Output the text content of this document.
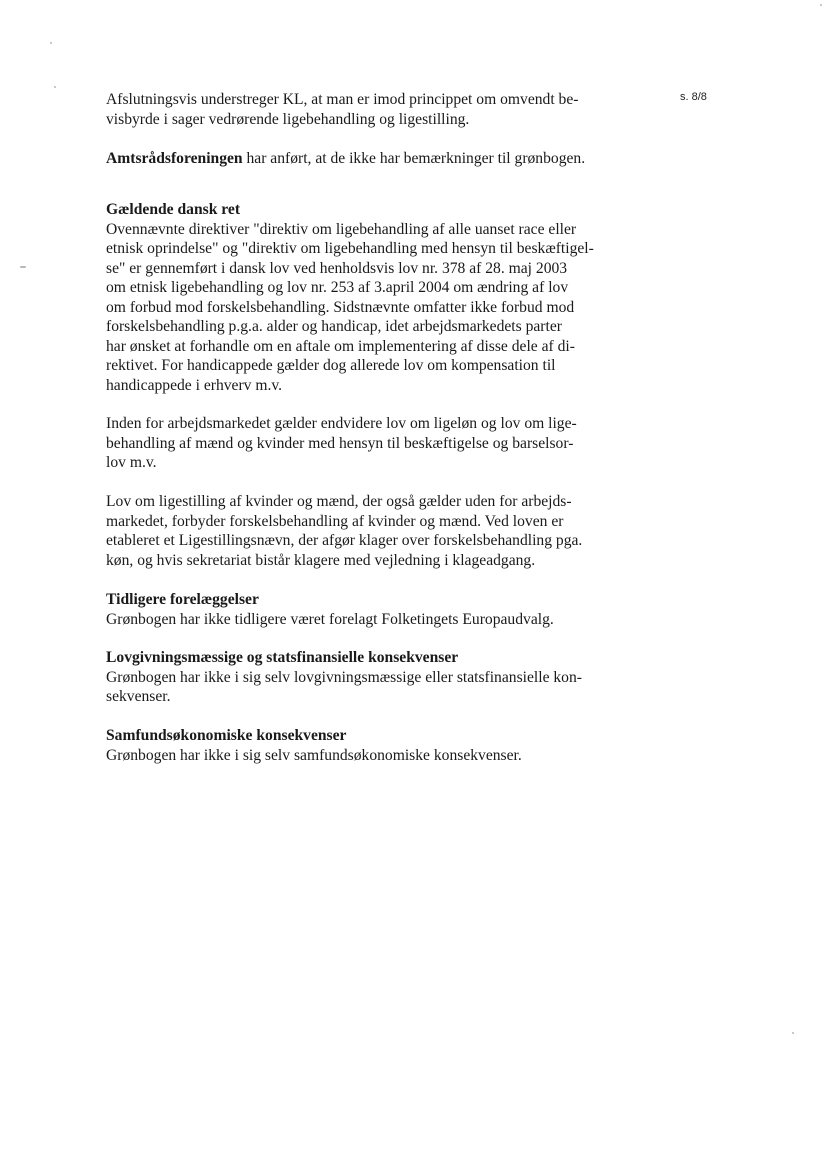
s. 8/8
Afslutningsvis understreger KL, at man er imod princippet om omvendt be-
visbyrde i sager vedrørende ligebehandling og ligestilling.
Amtsrådsforeningen har anført, at de ikke har bemærkninger til grønbogen.
Gældende dansk ret
Ovennævnte direktiver "direktiv om ligebehandling af alle uanset race eller
etnisk oprindelse" og "direktiv om ligebehandling med hensyn til beskæftigel-
se" er gennemført i dansk lov ved henholdsvis lov nr. 378 af 28. maj 2003
om etnisk ligebehandling og lov nr. 253 af 3.april 2004 om ændring af lov
om forbud mod forskelsbehandling. Sidstnævnte omfatter ikke forbud mod
forskelsbehandling p.g.a. alder og handicap, idet arbejdsmarkedets parter
har ønsket at forhandle om en aftale om implementering af disse dele af di-
rektivet. For handicappede gælder dog allerede lov om kompensation til
handicappede i erhverv m.v.
Inden for arbejdsmarkedet gælder endvidere lov om ligeløn og lov om lige-
behandling af mænd og kvinder med hensyn til beskæftigelse og barselsor-
lov m.v.
Lov om ligestilling af kvinder og mænd, der også gælder uden for arbejds-
markedet, forbyder forskelsbehandling af kvinder og mænd. Ved loven er
etableret et Ligestillingsnævn, der afgør klager over forskelsbehandling pga.
køn, og hvis sekretariat bistår klagere med vejledning i klageadgang.
Tidligere forelæggelser
Grønbogen har ikke tidligere været forelagt Folketingets Europaudvalg.
Lovgivningsmæssige og statsfinansielle konsekvenser
Grønbogen har ikke i sig selv lovgivningsmæssige eller statsfinansielle kon-
sekvenser.
Samfundsøkonomiske konsekvenser
Grønbogen har ikke i sig selv samfundsøkonomiske konsekvenser.
